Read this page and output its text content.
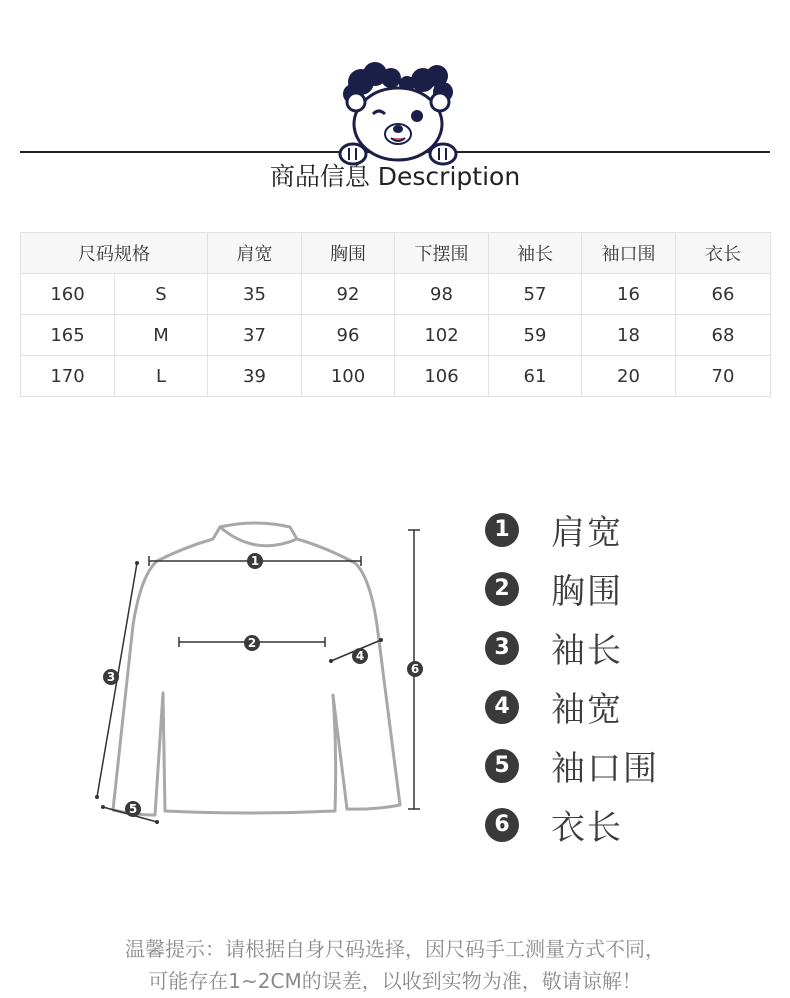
商品信息 Description
尺码规格		肩宽	胸围	下摆围	袖长	袖口围	衣长
160	S	35	92	98	57	16	66
165	M	37	96	102	59	18	68
170	L	39	100	106	61	20	70
1
2
3
4
5
6
1 肩宽
2 胸围
3 袖长
4 袖宽
5 袖口围
6 衣长
温馨提示：请根据自身尺码选择，因尺码手工测量方式不同，
可能存在1~2CM的误差，以收到实物为准，敬请谅解！
